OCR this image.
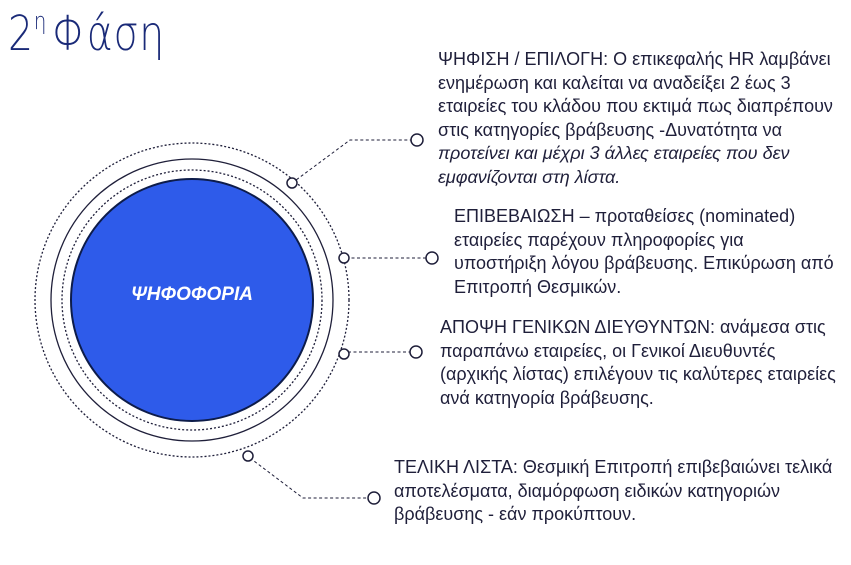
$2^\eta$ Φάση
ΨΗΦΟΦΟΡΙΑ
ΨΗΦΙΣΗ / ΕΠΙΛΟΓΗ: Ο επικεφαλής HR λαμβάνει ενημέρωση και καλείται να αναδείξει 2 έως 3 εταιρείες του κλάδου που εκτιμά πως διαπρέπουν στις κατηγορίες βράβευσης -Δυνατότητα να προτείνει και μέχρι 3 άλλες εταιρείες που δεν εμφανίζονται στη λίστα.
ΕΠΙΒΕΒΑΙΩΣΗ – προταθείσες (nominated) εταιρείες παρέχουν πληροφορίες για υποστήριξη λόγου βράβευσης. Επικύρωση από Επιτροπή Θεσμικών.
ΑΠΟΨΗ ΓΕΝΙΚΩΝ ΔΙΕΥΘΥΝΤΩΝ: ανάμεσα στις παραπάνω εταιρείες, οι Γενικοί Διευθυντές (αρχικής λίστας) επιλέγουν τις καλύτερες εταιρείες ανά κατηγορία βράβευσης.
ΤΕΛΙΚΗ ΛΙΣΤΑ: Θεσμική Επιτροπή επιβεβαιώνει τελικά αποτελέσματα, διαμόρφωση ειδικών κατηγοριών βράβευσης - εάν προκύπτουν.
